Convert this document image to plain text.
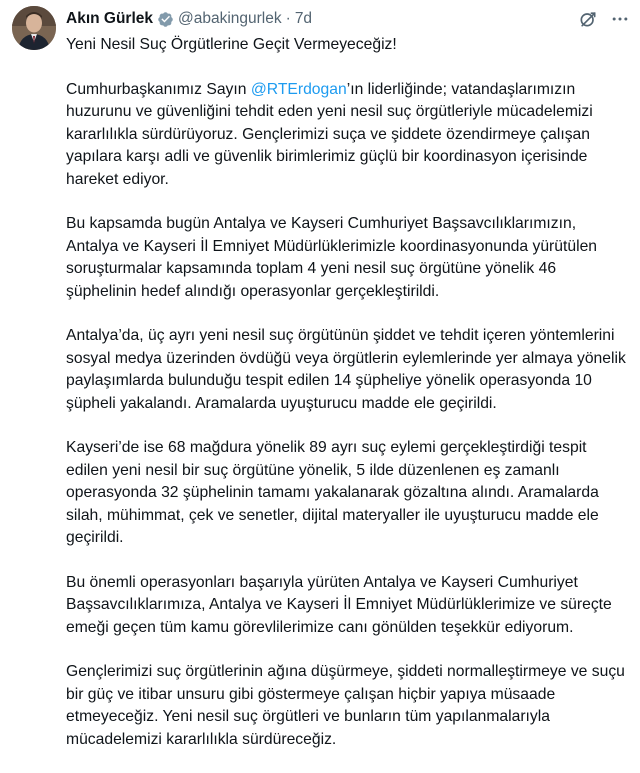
Akın Gürlek @abakingurlek · 7d
Yeni Nesil Suç Örgütlerine Geçit Vermeyeceğiz!
Cumhurbaşkanımız Sayın @RTErdogan’ın liderliğinde; vatandaşlarımızın huzurunu ve güvenliğini tehdit eden yeni nesil suç örgütleriyle mücadelemizi kararlılıkla sürdürüyoruz. Gençlerimizi suça ve şiddete özendirmeye çalışan yapılara karşı adli ve güvenlik birimlerimiz güçlü bir koordinasyon içerisinde hareket ediyor.
Bu kapsamda bugün Antalya ve Kayseri Cumhuriyet Başsavcılıklarımızın, Antalya ve Kayseri İl Emniyet Müdürlüklerimizle koordinasyonunda yürütülen soruşturmalar kapsamında toplam 4 yeni nesil suç örgütüne yönelik 46 şüphelinin hedef alındığı operasyonlar gerçekleştirildi.
Antalya’da, üç ayrı yeni nesil suç örgütünün şiddet ve tehdit içeren yöntemlerini sosyal medya üzerinden övdüğü veya örgütlerin eylemlerinde yer almaya yönelik paylaşımlarda bulunduğu tespit edilen 14 şüpheliye yönelik operasyonda 10 şüpheli yakalandı. Aramalarda uyuşturucu madde ele geçirildi.
Kayseri’de ise 68 mağdura yönelik 89 ayrı suç eylemi gerçekleştirdiği tespit edilen yeni nesil bir suç örgütüne yönelik, 5 ilde düzenlenen eş zamanlı operasyonda 32 şüphelinin tamamı yakalanarak gözaltına alındı. Aramalarda silah, mühimmat, çek ve senetler, dijital materyaller ile uyuşturucu madde ele geçirildi.
Bu önemli operasyonları başarıyla yürüten Antalya ve Kayseri Cumhuriyet Başsavcılıklarımıza, Antalya ve Kayseri İl Emniyet Müdürlüklerimize ve süreçte emeği geçen tüm kamu görevlilerimize canı gönülden teşekkür ediyorum.
Gençlerimizi suç örgütlerinin ağına düşürmeye, şiddeti normalleştirmeye ve suçu bir güç ve itibar unsuru gibi göstermeye çalışan hiçbir yapıya müsaade etmeyeceğiz. Yeni nesil suç örgütleri ve bunların tüm yapılanmalarıyla mücadelemizi kararlılıkla sürdüreceğiz.
